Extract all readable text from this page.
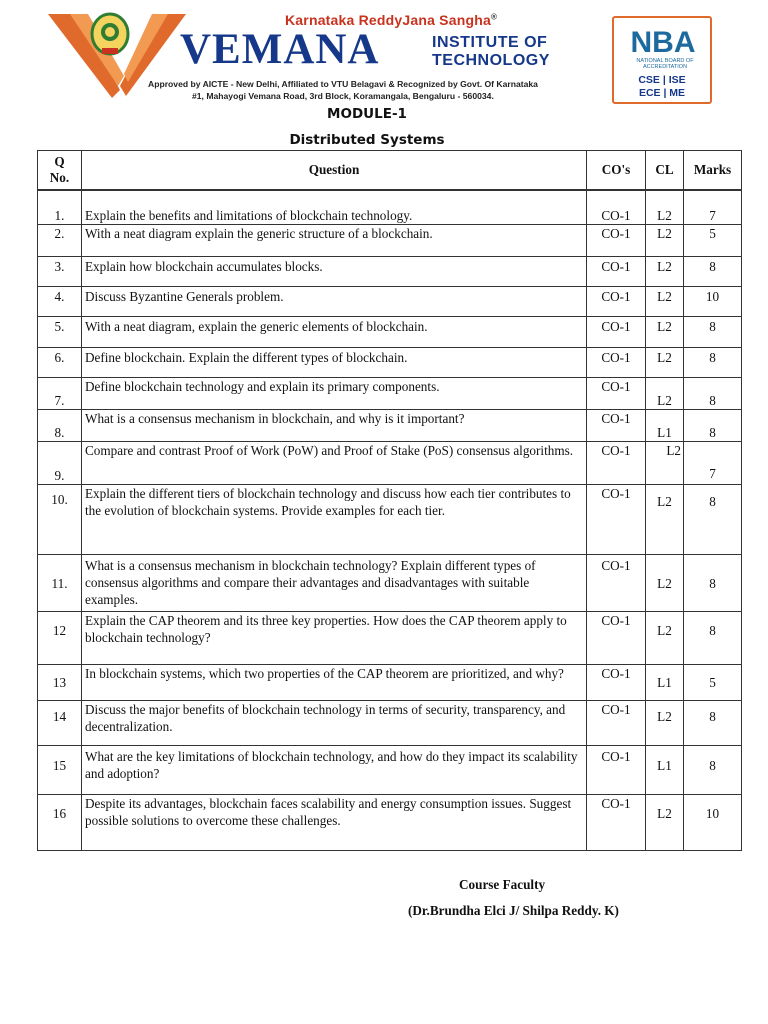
Karnataka ReddyJana Sangha®
VEMANA	INSTITUTE OF
TECHNOLOGY
Approved by AICTE - New Delhi, Affiliated to VTU Belagavi & Recognized by Govt. Of Karnataka
#1, Mahayogi Vemana Road, 3rd Block, Koramangala, Bengaluru - 560034.
NBA
NATIONAL BOARD OF ACCREDITATION
CSE | ISE
ECE | ME
MODULE-1
Distributed Systems
Q
No.	Question	CO's	CL	Marks
1.	Explain the benefits and limitations of blockchain technology.	CO-1	L2	7
2.	With a neat diagram explain the generic structure of a blockchain.	CO-1	L2	5
3.	Explain how blockchain accumulates blocks.	CO-1	L2	8
4.	Discuss Byzantine Generals problem.	CO-1	L2	10
5.	With a neat diagram, explain the generic elements of blockchain.	CO-1	L2	8
6.	Define blockchain. Explain the different types of blockchain.	CO-1	L2	8
7.	Define blockchain technology and explain its primary components.	CO-1	L2	8
8.	What is a consensus mechanism in blockchain, and why is it important?	CO-1	L1	8
9.	Compare and contrast Proof of Work (PoW) and Proof of Stake (PoS) consensus algorithms.	CO-1	L2	7
10.	Explain the different tiers of blockchain technology and discuss how each tier contributes to the evolution of blockchain systems. Provide examples for each tier.	CO-1	L2	8
11.	What is a consensus mechanism in blockchain technology? Explain different types of consensus algorithms and compare their advantages and disadvantages with suitable examples.	CO-1	L2	8
12	Explain the CAP theorem and its three key properties. How does the CAP theorem apply to blockchain technology?	CO-1	L2	8
13	In blockchain systems, which two properties of the CAP theorem are prioritized, and why?	CO-1	L1	5
14	Discuss the major benefits of blockchain technology in terms of security, transparency, and decentralization.	CO-1	L2	8
15	What are the key limitations of blockchain technology, and how do they impact its scalability and adoption?	CO-1	L1	8
16	Despite its advantages, blockchain faces scalability and energy consumption issues. Suggest possible solutions to overcome these challenges.	CO-1	L2	10
Course Faculty
(Dr.Brundha Elci J/ Shilpa Reddy. K)
